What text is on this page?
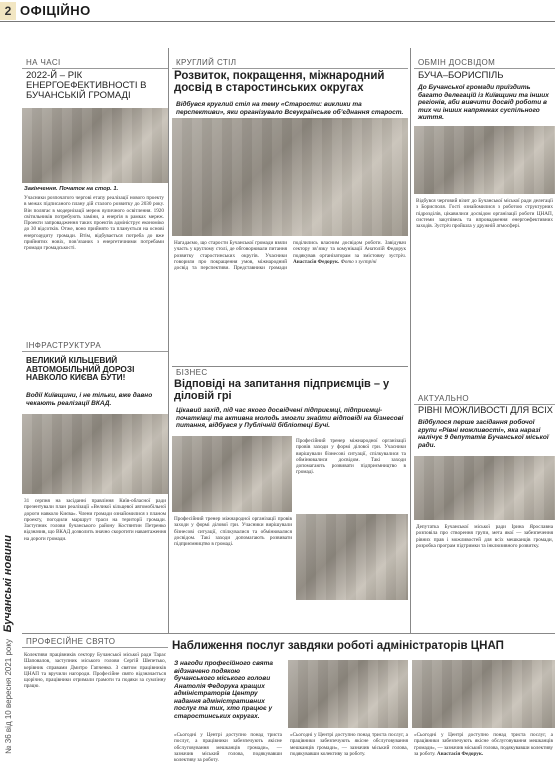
2 ОФІЦІЙНО
№ 36 від 10 вересня 2021 року   Бучанські новини
НА ЧАСІ
2022-Й – РІК ЕНЕРГОЕФЕКТИВНОСТІ В БУЧАНСЬКІЙ ГРОМАДІ
Закінчення. Початок на стор. 1.
Учасники розпочатого чергові етапу реалізації нового проекту в межах підписаного плану дій сталого розвитку до 2030 року. Він полягає в модернізації мереж вуличного освітлення. 1920 світильників потребують заміни, а енергія в рамках мереж. Проекти запровадження таких проектів адмініструє економіко до 30 відсотків. Отже, воно прийнято та планується на основі енергоаудиту громади. Втім, відбувається потреба до вже прийнятих новіх, пов’язаних з енергетичними потребами громади громадськості.
ІНФРАСТРУКТУРА
ВЕЛИКИЙ КІЛЬЦЕВИЙ АВТОМОБІЛЬНИЙ ДОРОЗІ НАВКОЛО КИЄВА БУТИ!
Водії Київщини, і не тільки, вже давно чекають реалізації ВКАД.
31 серпня на засіданні правління Київ-обласної ради презентували план реалізації «Великої кільцевої автомобільної дороги навколо Києва». Члени громади ознайомилися з планом проекту, погодили маршрут траси на території громади. Заступник голови бучанського району Костянтин Петренко відзначив, що ВКАД дозволить значно скоротити навантаження на дороги громади.
КРУГЛИЙ СТІЛ
Розвиток, покращення, міжнародний досвід в старостинських округах
Відбувся круглий стіл на тему «Старости: виклики та перспективи», яки організувало Всеукраїнське об’єднання старост.
Нагадаємо, що старости Бучанської громади взяли участь у круглому столі, де обговорювали питання розвитку старостинських округів. Учасники говорили про покращення умов, міжнародний досвід та перспективи. Представники громади поділились власним досвідом роботи. Завідувач сектору зв’язку та комунікації Анатолій Федорук подякував організаторам за змістовну зустріч. Анастасія Федорук. Фото з зустрічі
ОБМІН ДОСВІДОМ
БУЧА–БОРИСПІЛЬ
До Бучанської громади приїздить багато делегацій із Київщини та інших регіонів, аби вивчити досвід роботи в тих чи інших напрямках суспільного життя.
Відбувся черговий візит до Бучанської міської ради делегації з Борисполя. Гості ознайомилися з роботою структурних підрозділів, цікавилися досвідом організації роботи ЦНАП, системи закупівель та впровадження енергоефективних заходів. Зустріч пройшла у дружній атмосфері.
АКТУАЛЬНО
РІВНІ МОЖЛИВОСТІ ДЛЯ ВСІХ
Відбулося перше засідання робочої групи «Рівні можливості», яка наразі налічує 9 депутатів Бучанської міської ради.
Депутатка Бучанської міської ради Ірина Ярославна розповіла про створення групи, мета якої — забезпечення рівних прав і можливостей для всіх мешканців громади, розробка програм підтримки та інклюзивного розвитку.
БІЗНЕС
Відповіді на запитання підприємців – у діловій грі
Цікавий захід, під час якого досвідчені підприємці, підприємці-початківці та активна молодь змогли знайти відповіді на бізнесові питання, відбувся у Публічній бібліотеці Бучі.
Професійний тренер міжнародної організації провів заходи у формі ділової гри. Учасники вирішували бізнесові ситуації, спілкувалися та обмінювалися досвідом. Такі заходи допомагають розвивати підприємництво в громаді.
Професійний тренер міжнародної організації провів заходи у формі ділової гри. Учасники вирішували бізнесові ситуації, спілкувалися та обмінювалися досвідом. Такі заходи допомагають розвивати підприємництво в громаді.
ПРОФЕСІЙНЕ СВЯТО
Колективи працівників сектору Бучанської міської ради Тарас Шаповалов, заступник міського голови Сергій Шепетько, керівник справами Дмитро Гапченко. З святом працівників ЦНАП та вручили нагороди. Професійне свято відзначається щорічно, працівники отримали грамоти та подяки за сумлінну працю.
Наближення послуг завдяки роботі адміністраторів ЦНАП
З нагоди професійного свята відзначено подякою бучанського міського голови Анатолія Федорука кращих адміністраторів Центру надання адміністративних послуг та тих, хто працює у старостинських округах.
«Сьогодні у Центрі доступно понад триста послуг, а працівники забезпечують якісне обслуговування мешканців громади», — зазначив міський голова, подякувавши колективу за роботу.
«Сьогодні у Центрі доступно понад триста послуг, а працівники забезпечують якісне обслуговування мешканців громади», — зазначив міський голова, подякувавши колективу за роботу.
«Сьогодні у Центрі доступно понад триста послуг, а працівники забезпечують якісне обслуговування мешканців громади», — зазначив міський голова, подякувавши колективу за роботу. Анастасія Федорук.
